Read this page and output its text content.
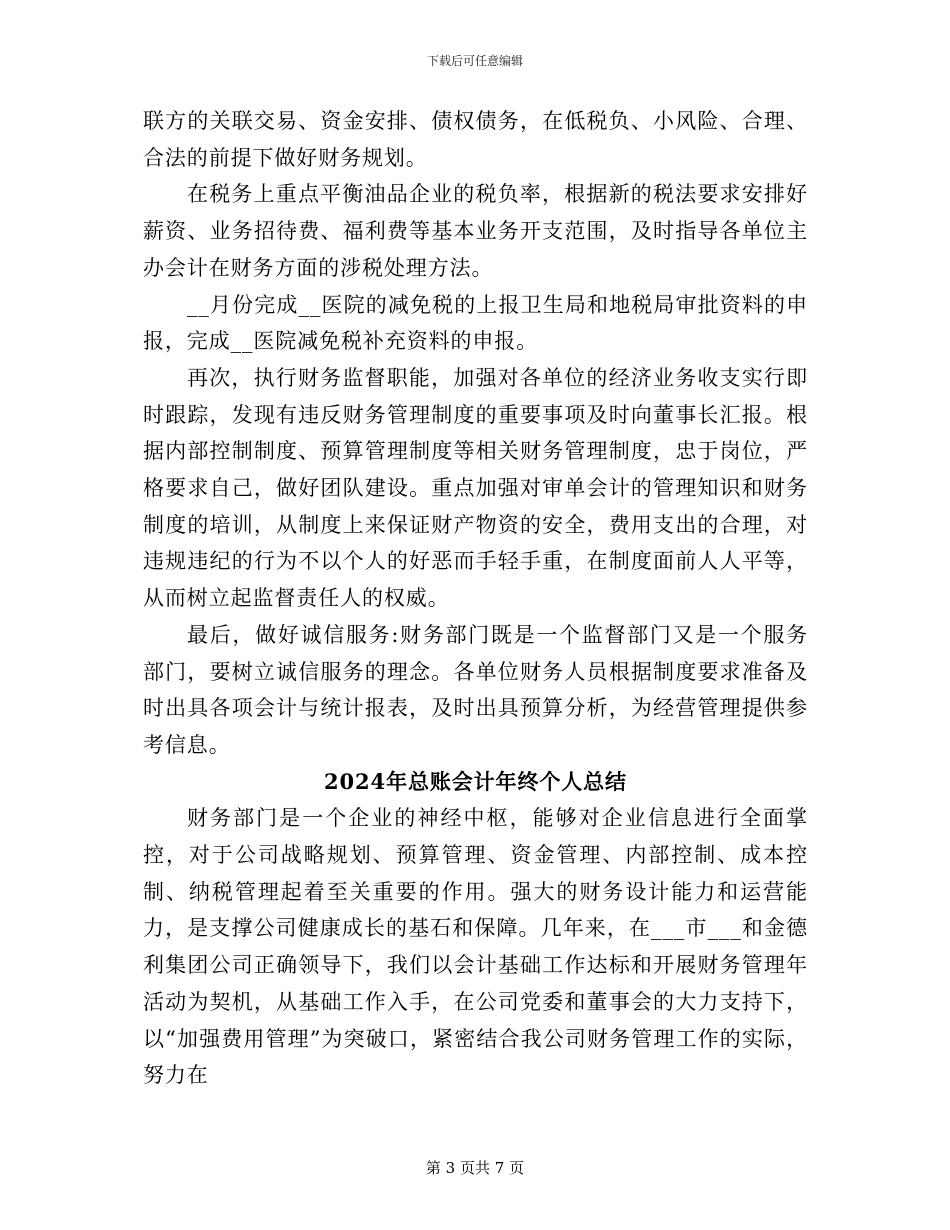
下载后可任意编辑

联方的关联交易、资金安排、债权债务，在低税负、小风险、合理、合法的前提下做好财务规划。

在税务上重点平衡油品企业的税负率，根据新的税法要求安排好薪资、业务招待费、福利费等基本业务开支范围，及时指导各单位主办会计在财务方面的涉税处理方法。

__月份完成__医院的减免税的上报卫生局和地税局审批资料的申报，完成__医院减免税补充资料的申报。

再次，执行财务监督职能，加强对各单位的经济业务收支实行即时跟踪，发现有违反财务管理制度的重要事项及时向董事长汇报。根据内部控制制度、预算管理制度等相关财务管理制度，忠于岗位，严格要求自己，做好团队建设。重点加强对审单会计的管理知识和财务制度的培训，从制度上来保证财产物资的安全，费用支出的合理，对违规违纪的行为不以个人的好恶而手轻手重，在制度面前人人平等，从而树立起监督责任人的权威。

最后，做好诚信服务:财务部门既是一个监督部门又是一个服务部门，要树立诚信服务的理念。各单位财务人员根据制度要求准备及时出具各项会计与统计报表，及时出具预算分析，为经营管理提供参考信息。

2024年总账会计年终个人总结

财务部门是一个企业的神经中枢，能够对企业信息进行全面掌控，对于公司战略规划、预算管理、资金管理、内部控制、成本控制、纳税管理起着至关重要的作用。强大的财务设计能力和运营能力，是支撑公司健康成长的基石和保障。几年来，在___市___和金德利集团公司正确领导下，我们以会计基础工作达标和开展财务管理年活动为契机，从基础工作入手，在公司党委和董事会的大力支持下，以“加强费用管理”为突破口，紧密结合我公司财务管理工作的实际，努力在

第 3 页共 7 页
